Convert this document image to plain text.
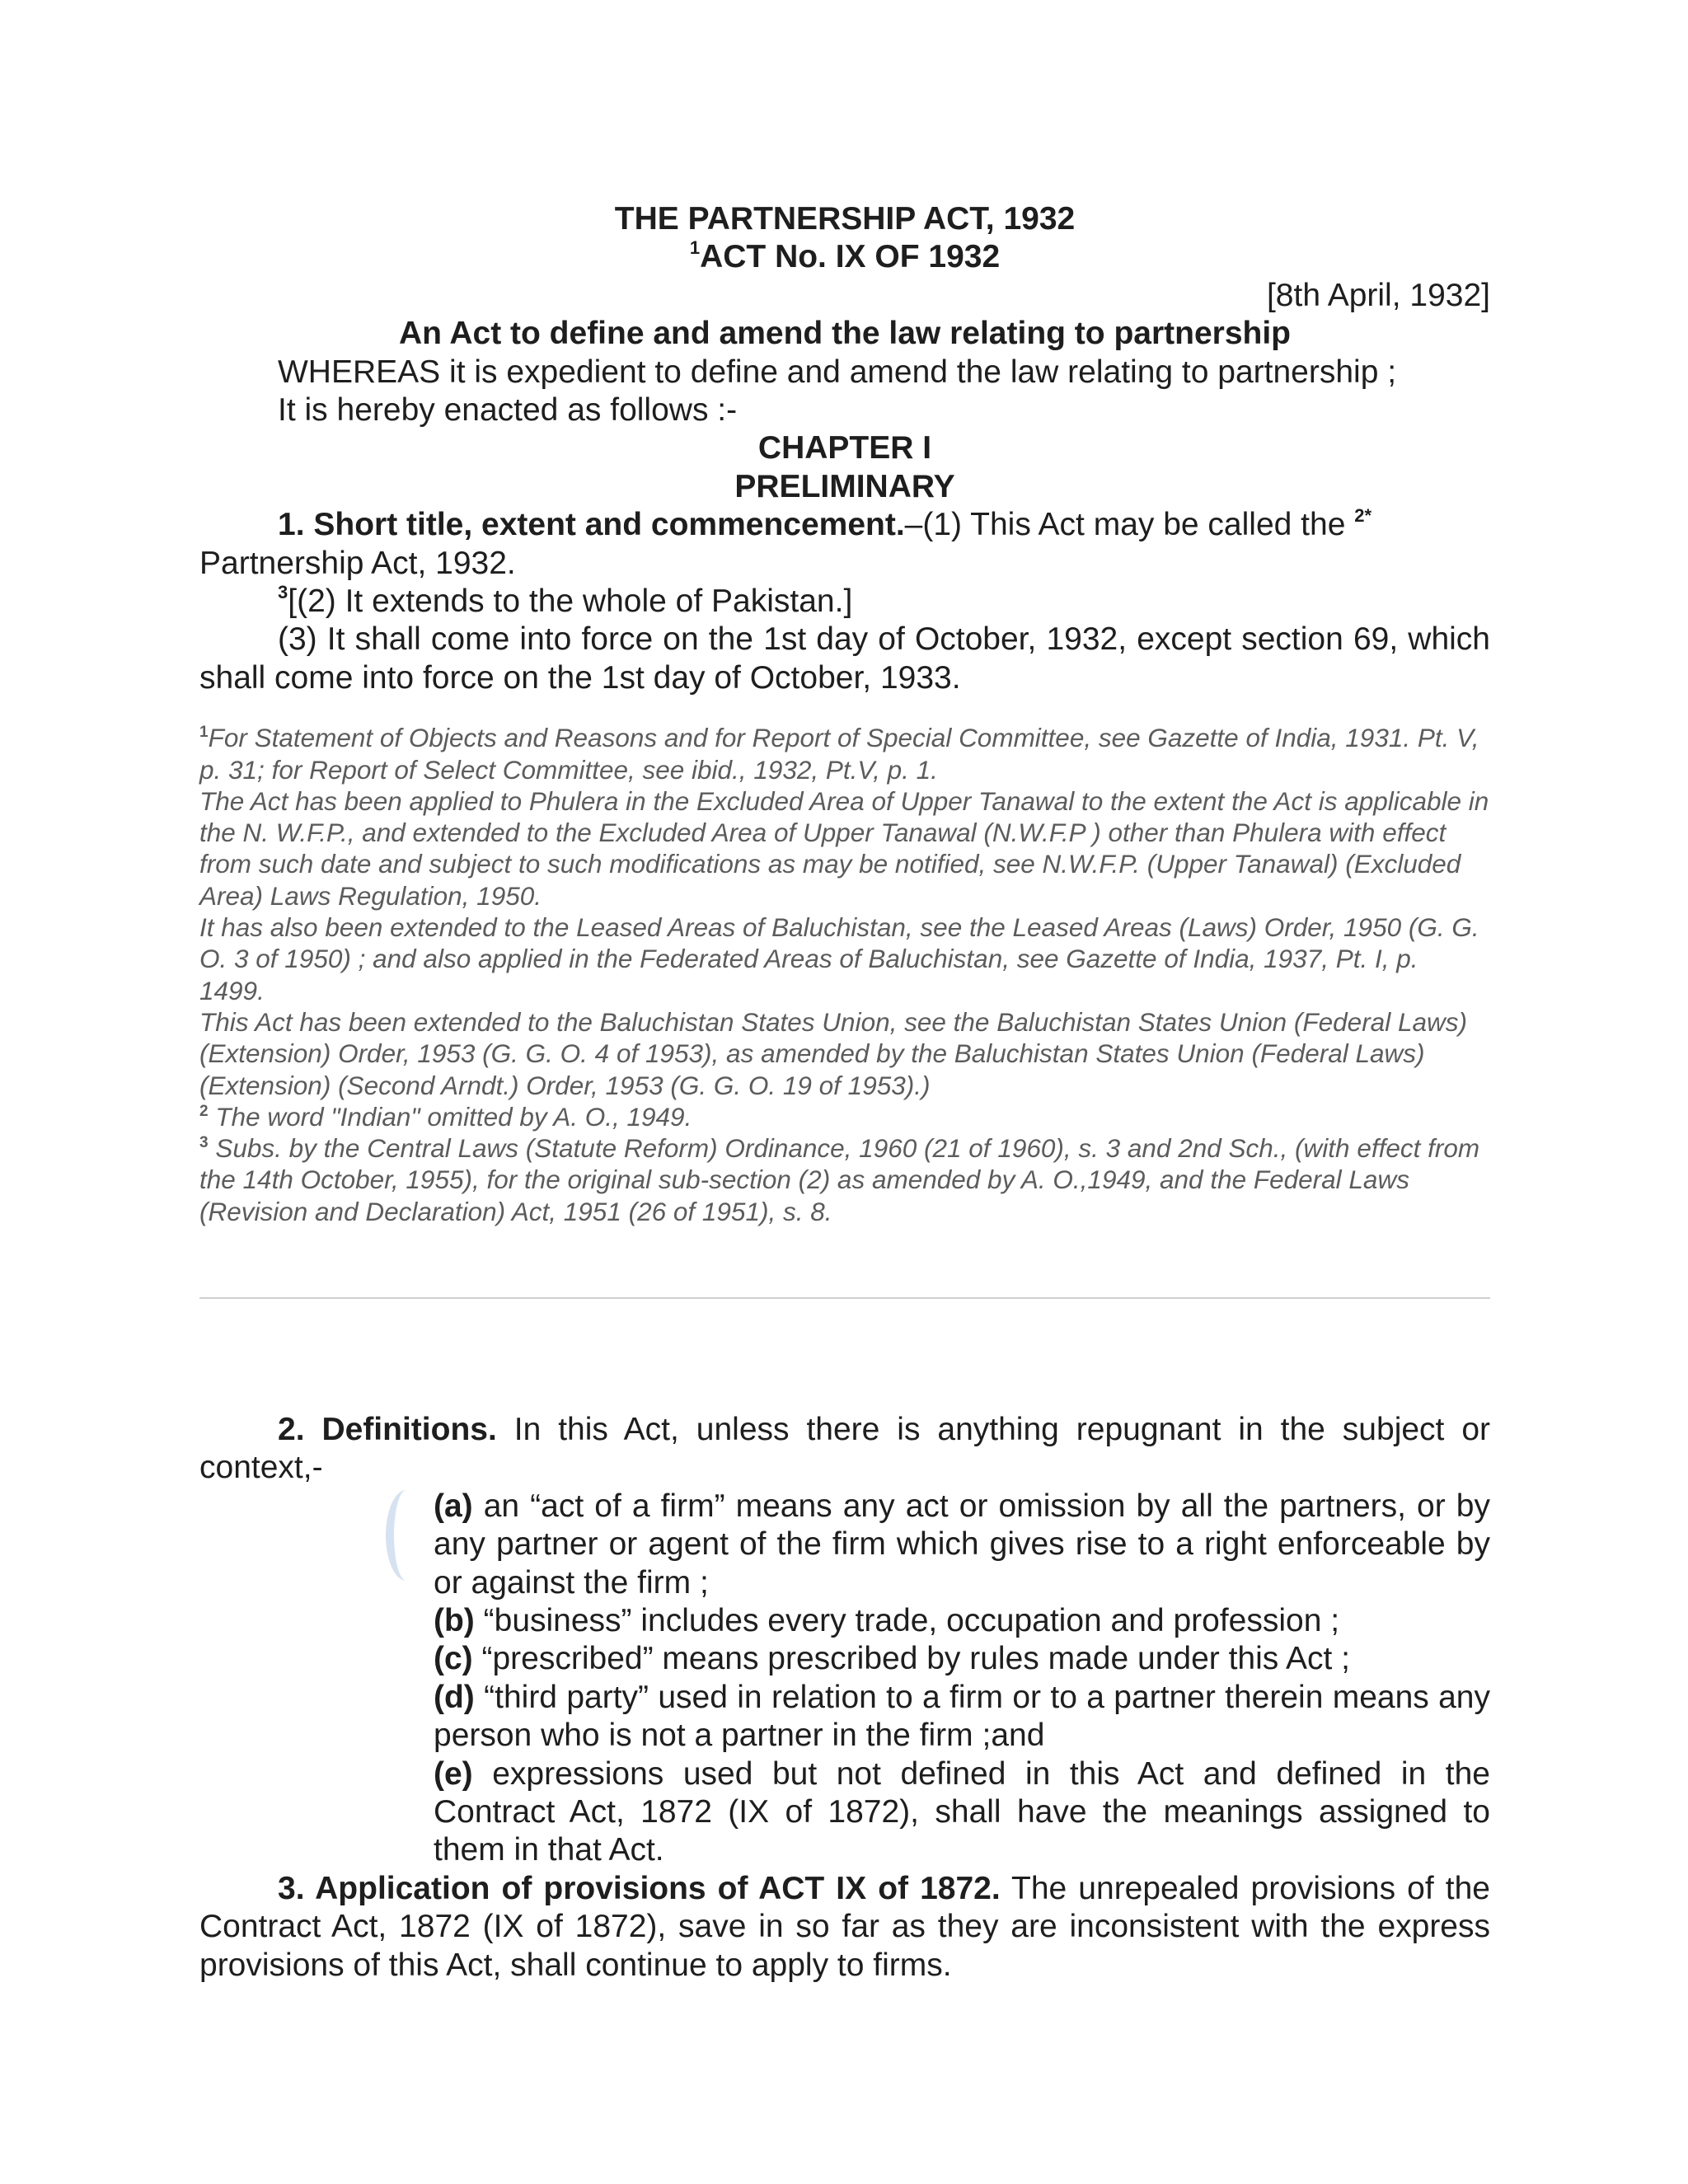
THE PARTNERSHIP ACT, 1932
$^1$ACT No. IX OF 1932
[8th April, 1932]
An Act to define and amend the law relating to partnership

WHEREAS it is expedient to define and amend the law relating to partnership ;

It is hereby enacted as follows :-

CHAPTER I
PRELIMINARY

1. Short title, extent and commencement.–(1) This Act may be called the $^{2*}$
Partnership Act, 1932.

$^3$[(2) It extends to the whole of Pakistan.]

(3) It shall come into force on the 1st day of October, 1932, except section 69, which shall come into force on the 1st day of October, 1933.

$^1$For Statement of Objects and Reasons and for Report of Special Committee, see Gazette of India, 1931. Pt. V, p. 31; for Report of Select Committee, see ibid., 1932, Pt.V, p. 1.

The Act has been applied to Phulera in the Excluded Area of Upper Tanawal to the extent the Act is applicable in the N. W.F.P., and extended to the Excluded Area of Upper Tanawal (N.W.F.P ) other than Phulera with effect from such date and subject to such modifications as may be notified, see N.W.F.P. (Upper Tanawal) (Excluded Area) Laws Regulation, 1950.

It has also been extended to the Leased Areas of Baluchistan, see the Leased Areas (Laws) Order, 1950 (G. G. O. 3 of 1950) ; and also applied in the Federated Areas of Baluchistan, see Gazette of India, 1937, Pt. I, p. 1499.

This Act has been extended to the Baluchistan States Union, see the Baluchistan States Union (Federal Laws) (Extension) Order, 1953 (G. G. O. 4 of 1953), as amended by the Baluchistan States Union (Federal Laws) (Extension) (Second Arndt.) Order, 1953 (G. G. O. 19 of 1953).)

$^2$ The word "Indian" omitted by A. O., 1949.

$^3$ Subs. by the Central Laws (Statute Reform) Ordinance, 1960 (21 of 1960), s. 3 and 2nd Sch., (with effect from the 14th October, 1955), for the original sub-section (2) as amended by A. O.,1949, and the Federal Laws (Revision and Declaration) Act, 1951 (26 of 1951), s. 8.

2. Definitions. In this Act, unless there is anything repugnant in the subject or context,-

(a) an “act of a firm” means any act or omission by all the partners, or by any partner or agent of the firm which gives rise to a right enforceable by or against the firm ;

(b) “business” includes every trade, occupation and profession ;

(c) “prescribed” means prescribed by rules made under this Act ;

(d) “third party” used in relation to a firm or to a partner therein means any person who is not a partner in the firm ;and

(e) expressions used but not defined in this Act and defined in the Contract Act, 1872 (IX of 1872), shall have the meanings assigned to them in that Act.

3. Application of provisions of ACT IX of 1872. The unrepealed provisions of the Contract Act, 1872 (IX of 1872), save in so far as they are inconsistent with the express provisions of this Act, shall continue to apply to firms.
